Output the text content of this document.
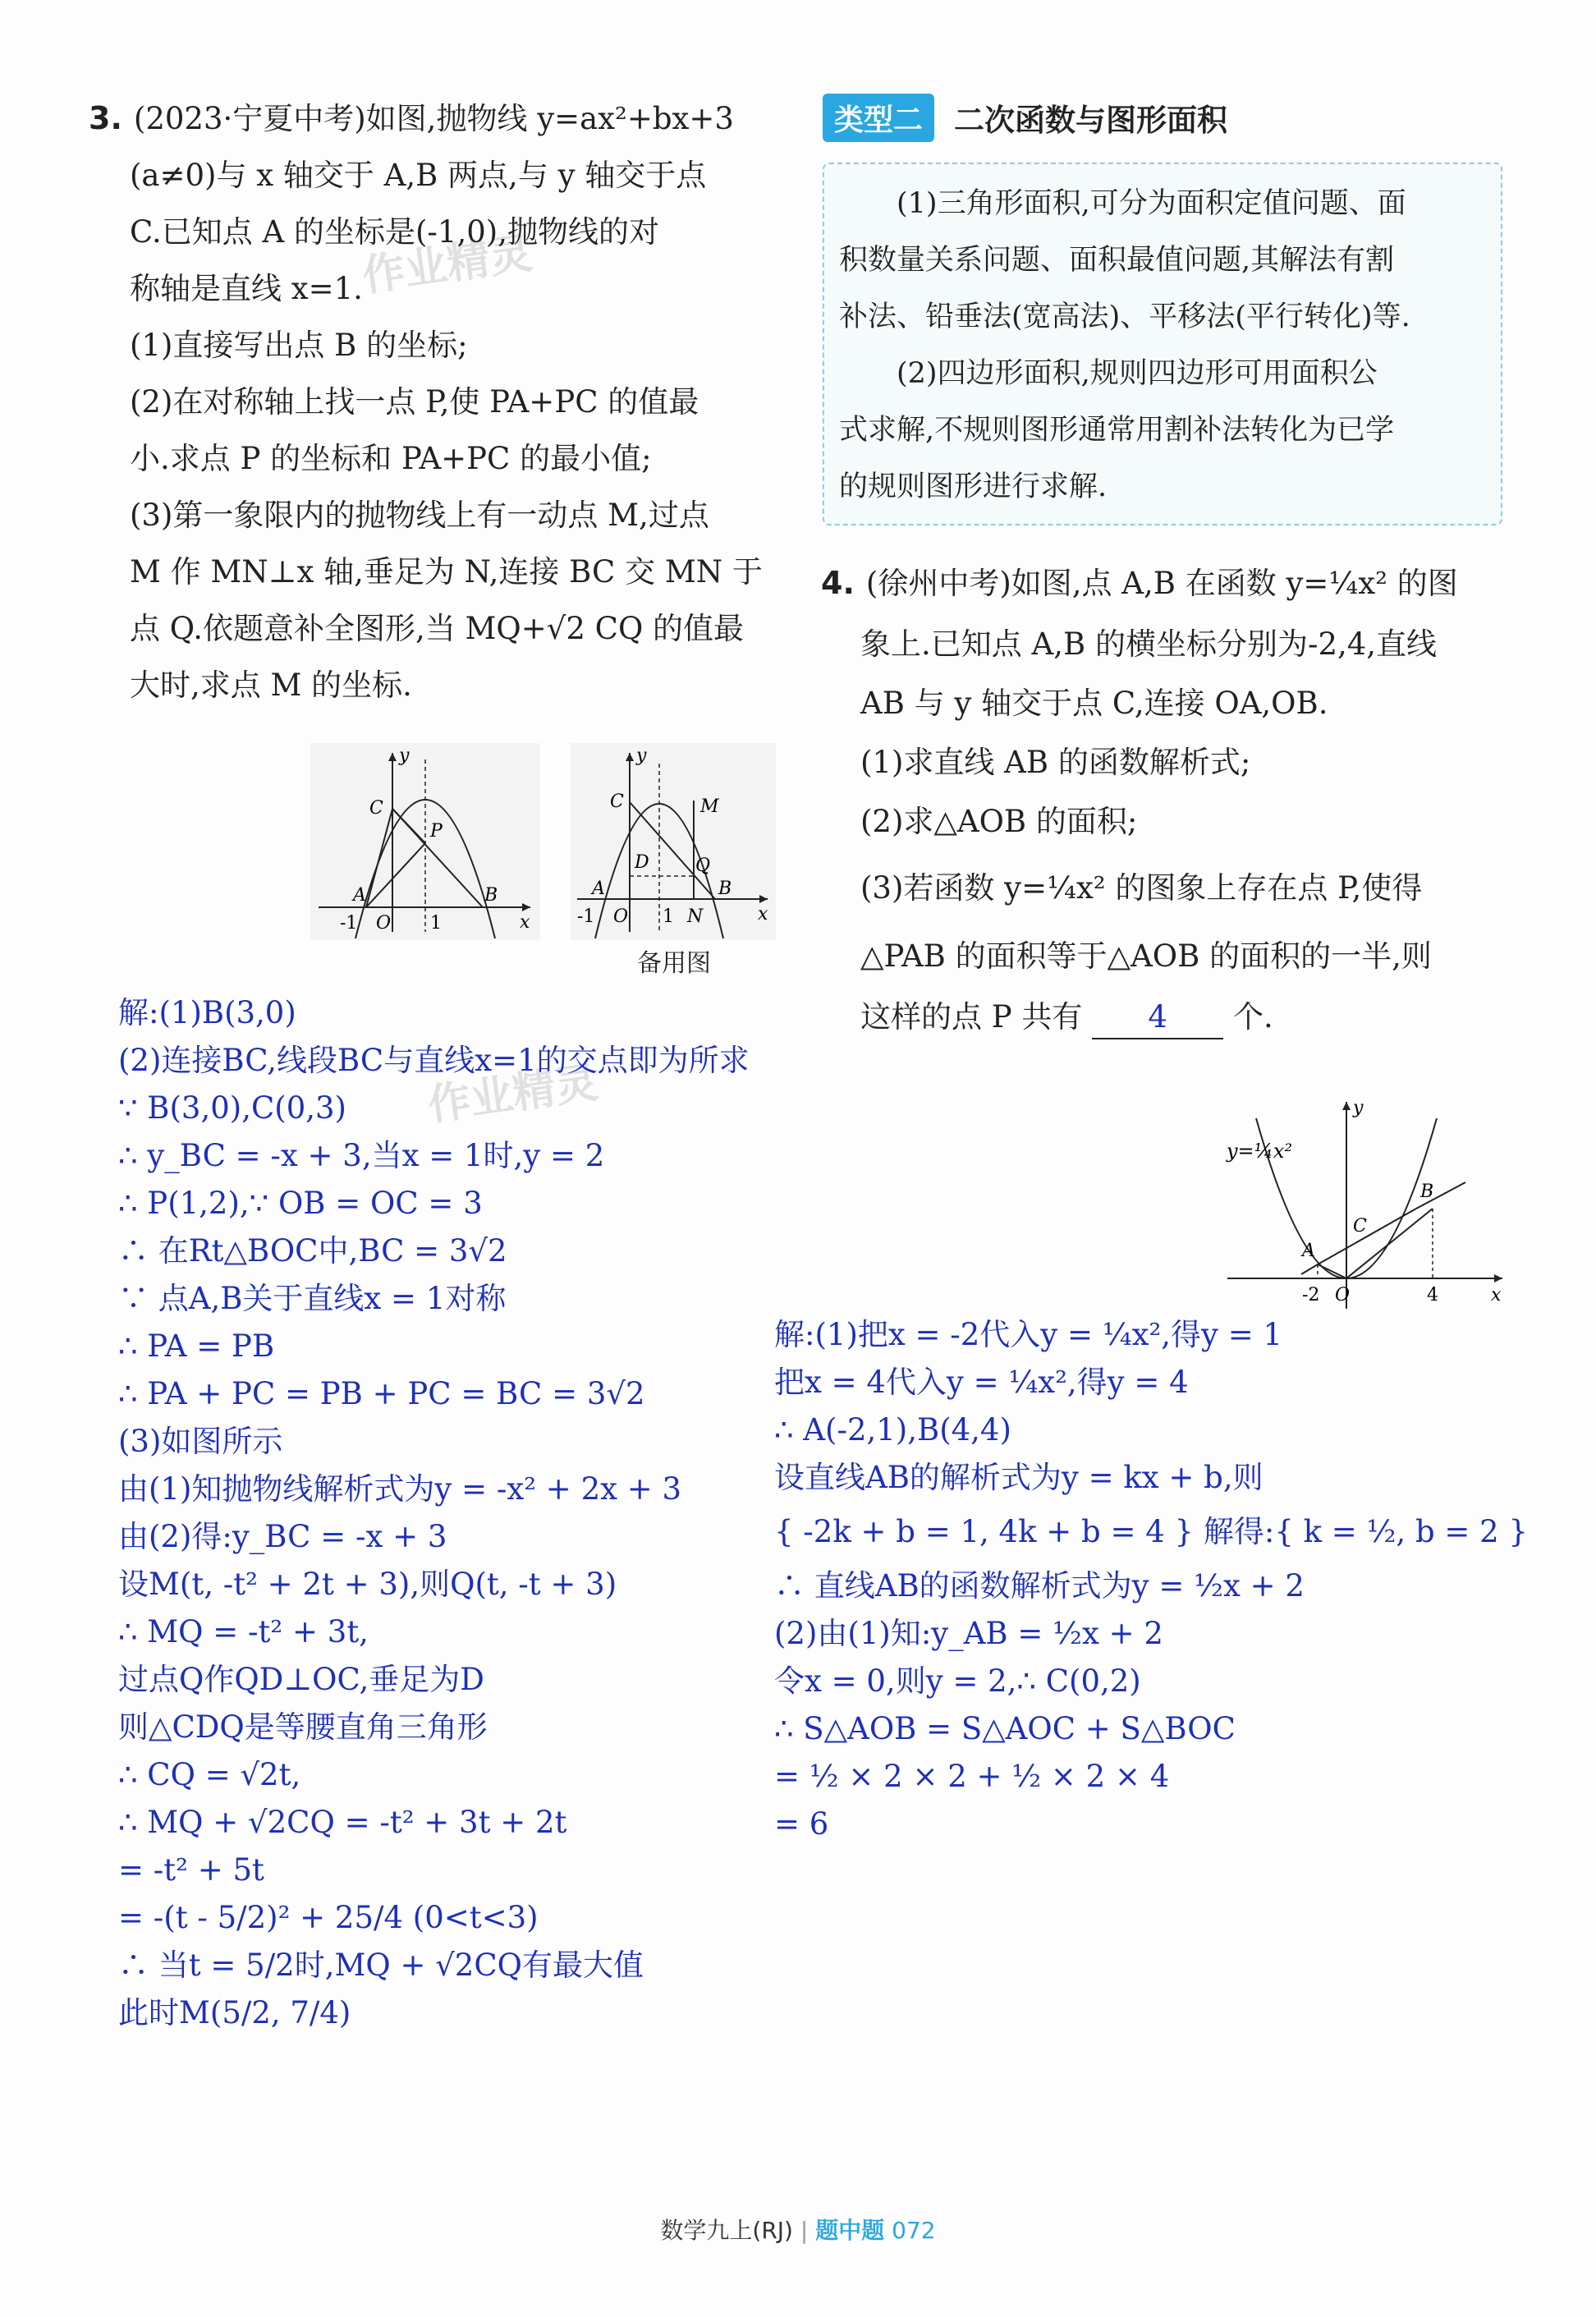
作业精灵
作业精灵
3. (2023·宁夏中考)如图,抛物线 y=ax²+bx+3
(a≠0)与 x 轴交于 A,B 两点,与 y 轴交于点
C.已知点 A 的坐标是(-1,0),抛物线的对
称轴是直线 x=1.
(1)直接写出点 B 的坐标;
(2)在对称轴上找一点 P,使 PA+PC 的值最
小.求点 P 的坐标和 PA+PC 的最小值;
(3)第一象限内的抛物线上有一动点 M,过点
M 作 MN⊥x 轴,垂足为 N,连接 BC 交 MN 于
点 Q.依题意补全图形,当 MQ+√2 CQ 的值最
大时,求点 M 的坐标.
y
x
C
P
A	B
-1 O 1
y
x
C	M
D	Q
A	B
N
-1 O 1
备用图
解:(1)B(3,0)
(2)连接BC,线段BC与直线x=1的交点即为所求
∵ B(3,0),C(0,3)
∴ y_BC = -x + 3,当x = 1时,y = 2
∴ P(1,2),∵ OB = OC = 3
∴ 在Rt△BOC中,BC = 3√2
∵ 点A,B关于直线x = 1对称
∴ PA = PB
∴ PA + PC = PB + PC = BC = 3√2
(3)如图所示
由(1)知抛物线解析式为y = -x² + 2x + 3
由(2)得:y_BC = -x + 3
设M(t, -t² + 2t + 3),则Q(t, -t + 3)
∴ MQ = -t² + 3t,
过点Q作QD⊥OC,垂足为D
则△CDQ是等腰直角三角形
∴ CQ = √2t,
∴ MQ + √2CQ = -t² + 3t + 2t
= -t² + 5t
= -(t - 5/2)² + 25/4 (0<t<3)
∴ 当t = 5/2时,MQ + √2CQ有最大值
此时M(5/2, 7/4)
类型二	二次函数与图形面积
(1)三角形面积,可分为面积定值问题、面
积数量关系问题、面积最值问题,其解法有割
补法、铅垂法(宽高法)、平移法(平行转化)等.
(2)四边形面积,规则四边形可用面积公
式求解,不规则图形通常用割补法转化为已学
的规则图形进行求解.
4. (徐州中考)如图,点 A,B 在函数 y=¼x² 的图
象上.已知点 A,B 的横坐标分别为-2,4,直线
AB 与 y 轴交于点 C,连接 OA,OB.
(1)求直线 AB 的函数解析式;
(2)求△AOB 的面积;
(3)若函数 y=¼x² 的图象上存在点 P,使得
△PAB 的面积等于△AOB 的面积的一半,则
这样的点 P 共有 4 个.
y
x
y=¼x²
A
B
C
O
-2	4
解:(1)把x = -2代入y = ¼x²,得y = 1
把x = 4代入y = ¼x²,得y = 4
∴ A(-2,1),B(4,4)
设直线AB的解析式为y = kx + b,则
{ -2k + b = 1, 4k + b = 4 } 解得:{ k = ½, b = 2 }
∴ 直线AB的函数解析式为y = ½x + 2
(2)由(1)知:y_AB = ½x + 2
令x = 0,则y = 2,∴ C(0,2)
∴ S△AOB = S△AOC + S△BOC
= ½ × 2 × 2 + ½ × 2 × 4
= 6
数学九上(RJ) | 题中题 072
